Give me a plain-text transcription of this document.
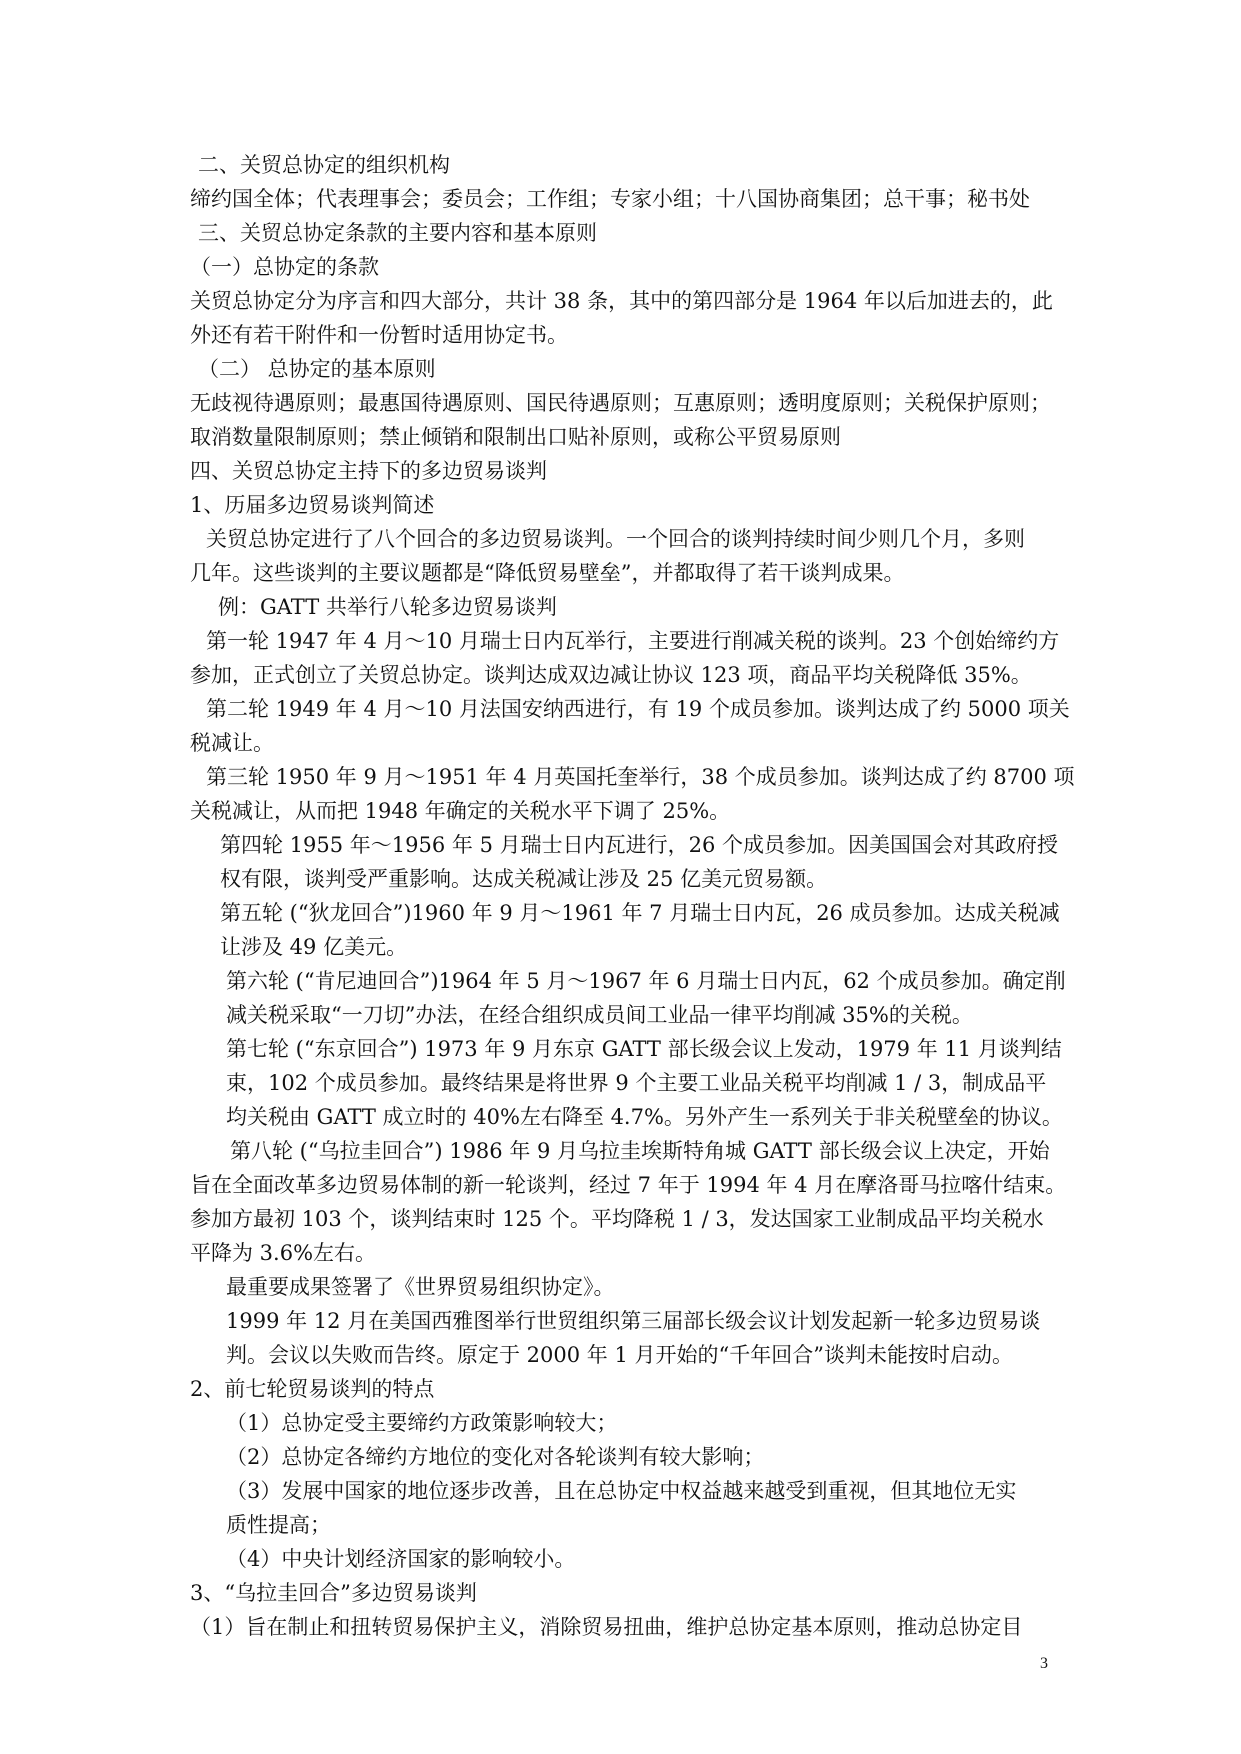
二、关贸总协定的组织机构
缔约国全体；代表理事会；委员会；工作组；专家小组；十八国协商集团；总干事；秘书处
三、关贸总协定条款的主要内容和基本原则
（一）总协定的条款
关贸总协定分为序言和四大部分，共计 38 条，其中的第四部分是 1964 年以后加进去的，此
外还有若干附件和一份暂时适用协定书。
（二） 总协定的基本原则
无歧视待遇原则；最惠国待遇原则、国民待遇原则；互惠原则；透明度原则；关税保护原则；
取消数量限制原则；禁止倾销和限制出口贴补原则，或称公平贸易原则
四、关贸总协定主持下的多边贸易谈判
1、历届多边贸易谈判简述
关贸总协定进行了八个回合的多边贸易谈判。一个回合的谈判持续时间少则几个月，多则
几年。这些谈判的主要议题都是“降低贸易壁垒”，并都取得了若干谈判成果。
例：GATT 共举行八轮多边贸易谈判
第一轮 1947 年 4 月～10 月瑞士日内瓦举行，主要进行削减关税的谈判。23 个创始缔约方
参加，正式创立了关贸总协定。谈判达成双边减让协议 123 项，商品平均关税降低 35%。
第二轮 1949 年 4 月～10 月法国安纳西进行，有 19 个成员参加。谈判达成了约 5000 项关
税减让。
第三轮 1950 年 9 月～1951 年 4 月英国托奎举行，38 个成员参加。谈判达成了约 8700 项
关税减让，从而把 1948 年确定的关税水平下调了 25%。
第四轮 1955 年～1956 年 5 月瑞士日内瓦进行，26 个成员参加。因美国国会对其政府授
权有限，谈判受严重影响。达成关税减让涉及 25 亿美元贸易额。
第五轮 (“狄龙回合”)1960 年 9 月～1961 年 7 月瑞士日内瓦，26 成员参加。达成关税减
让涉及 49 亿美元。
第六轮 (“肯尼迪回合”)1964 年 5 月～1967 年 6 月瑞士日内瓦，62 个成员参加。确定削
减关税采取“一刀切”办法，在经合组织成员间工业品一律平均削减 35%的关税。
第七轮 (“东京回合”) 1973 年 9 月东京 GATT 部长级会议上发动，1979 年 11 月谈判结
束，102 个成员参加。最终结果是将世界 9 个主要工业品关税平均削减 1 / 3，制成品平
均关税由 GATT 成立时的 40%左右降至 4.7%。另外产生一系列关于非关税壁垒的协议。
第八轮 (“乌拉圭回合”) 1986 年 9 月乌拉圭埃斯特角城 GATT 部长级会议上决定，开始
旨在全面改革多边贸易体制的新一轮谈判，经过 7 年于 1994 年 4 月在摩洛哥马拉喀什结束。
参加方最初 103 个，谈判结束时 125 个。平均降税 1 / 3，发达国家工业制成品平均关税水
平降为 3.6%左右。
最重要成果签署了《世界贸易组织协定》。
1999 年 12 月在美国西雅图举行世贸组织第三届部长级会议计划发起新一轮多边贸易谈
判。会议以失败而告终。原定于 2000 年 1 月开始的“千年回合”谈判未能按时启动。
2、前七轮贸易谈判的特点
（1）总协定受主要缔约方政策影响较大；
（2）总协定各缔约方地位的变化对各轮谈判有较大影响；
（3）发展中国家的地位逐步改善，且在总协定中权益越来越受到重视，但其地位无实
质性提高；
（4）中央计划经济国家的影响较小。
3、“乌拉圭回合”多边贸易谈判
（1）旨在制止和扭转贸易保护主义，消除贸易扭曲，维护总协定基本原则，推动总协定目
3
